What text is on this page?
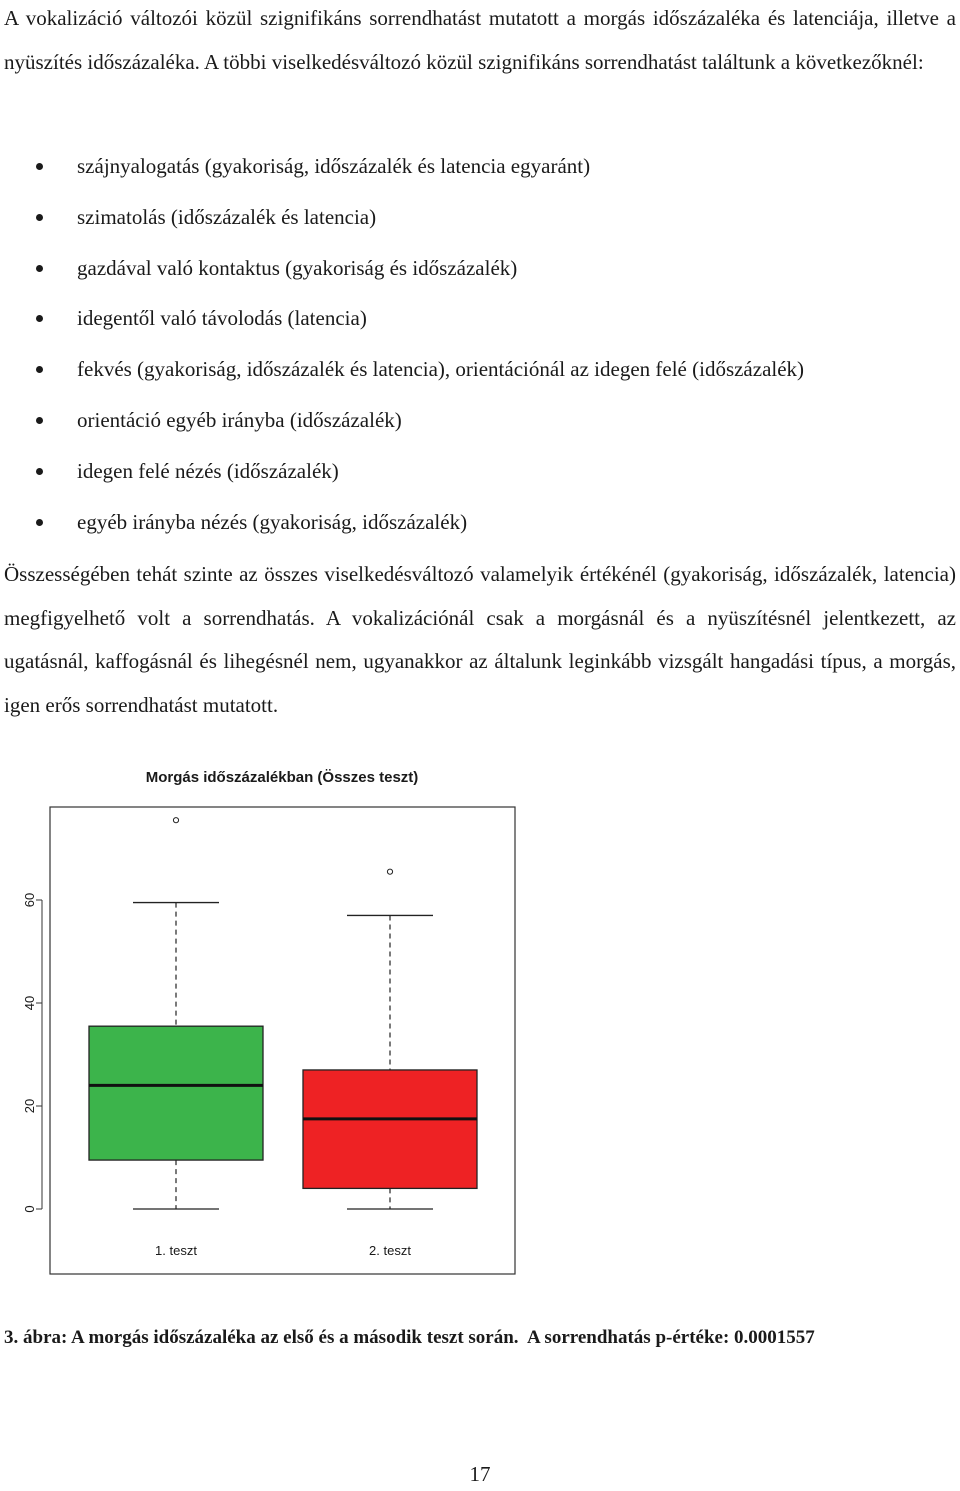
A vokalizáció változói közül szignifikáns sorrendhatást mutatott a morgás időszázaléka és latenciája, illetve a nyüszítés időszázaléka. A többi viselkedésváltozó közül szignifikáns sorrendhatást találtunk a következőknél:

szájnyalogatás (gyakoriság, időszázalék és latencia egyaránt)
szimatolás (időszázalék és latencia)
gazdával való kontaktus (gyakoriság és időszázalék)
idegentől való távolodás (latencia)
fekvés (gyakoriság, időszázalék és latencia), orientációnál az idegen felé (időszázalék)
orientáció egyéb irányba (időszázalék)
idegen felé nézés (időszázalék)
egyéb irányba nézés (gyakoriság, időszázalék)

Összességében tehát szinte az összes viselkedésváltozó valamelyik értékénél (gyakoriság, időszázalék, latencia) megfigyelhető volt a sorrendhatás. A vokalizációnál csak a morgásnál és a nyüszítésnél jelentkezett, az ugatásnál, kaffogásnál és lihegésnél nem, ugyanakkor az általunk leginkább vizsgált hangadási típus, a morgás, igen erős sorrendhatást mutatott.

Morgás időszázalékban (Összes teszt)
0
20
40
60
1. teszt	2. teszt
3. ábra: A morgás időszázaléka az első és a második teszt során.  A sorrendhatás p-értéke: 0.0001557
17
